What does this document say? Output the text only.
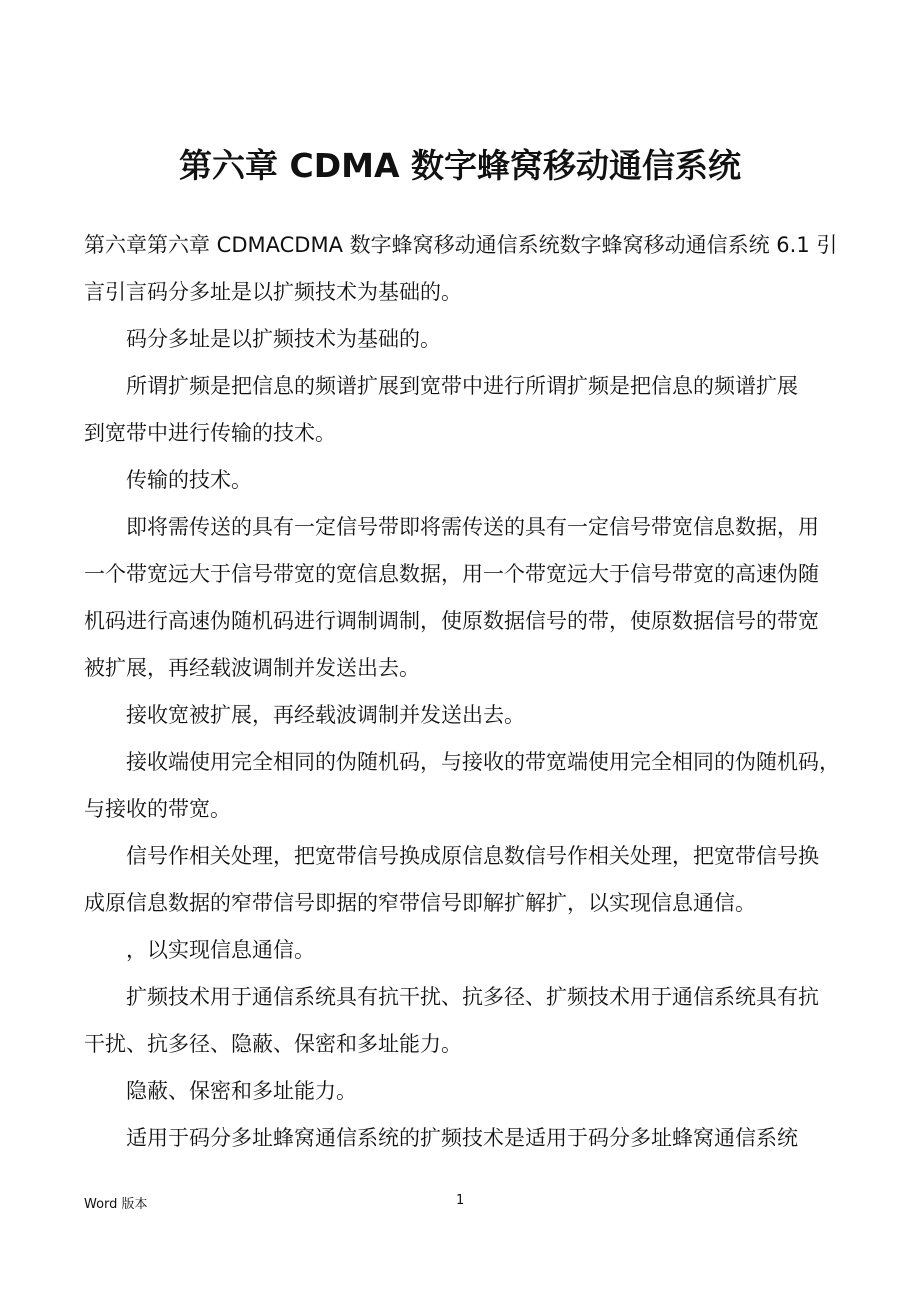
第六章 CDMA 数字蜂窝移动通信系统
第六章第六章 CDMACDMA 数字蜂窝移动通信系统数字蜂窝移动通信系统 6.1 引
言引言码分多址是以扩频技术为基础的。
码分多址是以扩频技术为基础的。
所谓扩频是把信息的频谱扩展到宽带中进行所谓扩频是把信息的频谱扩展
到宽带中进行传输的技术。
传输的技术。
即将需传送的具有一定信号带即将需传送的具有一定信号带宽信息数据，用
一个带宽远大于信号带宽的宽信息数据，用一个带宽远大于信号带宽的高速伪随
机码进行高速伪随机码进行调制调制，使原数据信号的带，使原数据信号的带宽
被扩展，再经载波调制并发送出去。
接收宽被扩展，再经载波调制并发送出去。
接收端使用完全相同的伪随机码，与接收的带宽端使用完全相同的伪随机码，
与接收的带宽。
信号作相关处理，把宽带信号换成原信息数信号作相关处理，把宽带信号换
成原信息数据的窄带信号即据的窄带信号即解扩解扩，以实现信息通信。
，以实现信息通信。
扩频技术用于通信系统具有抗干扰、抗多径、扩频技术用于通信系统具有抗
干扰、抗多径、隐蔽、保密和多址能力。
隐蔽、保密和多址能力。
适用于码分多址蜂窝通信系统的扩频技术是适用于码分多址蜂窝通信系统
Word 版本	1
